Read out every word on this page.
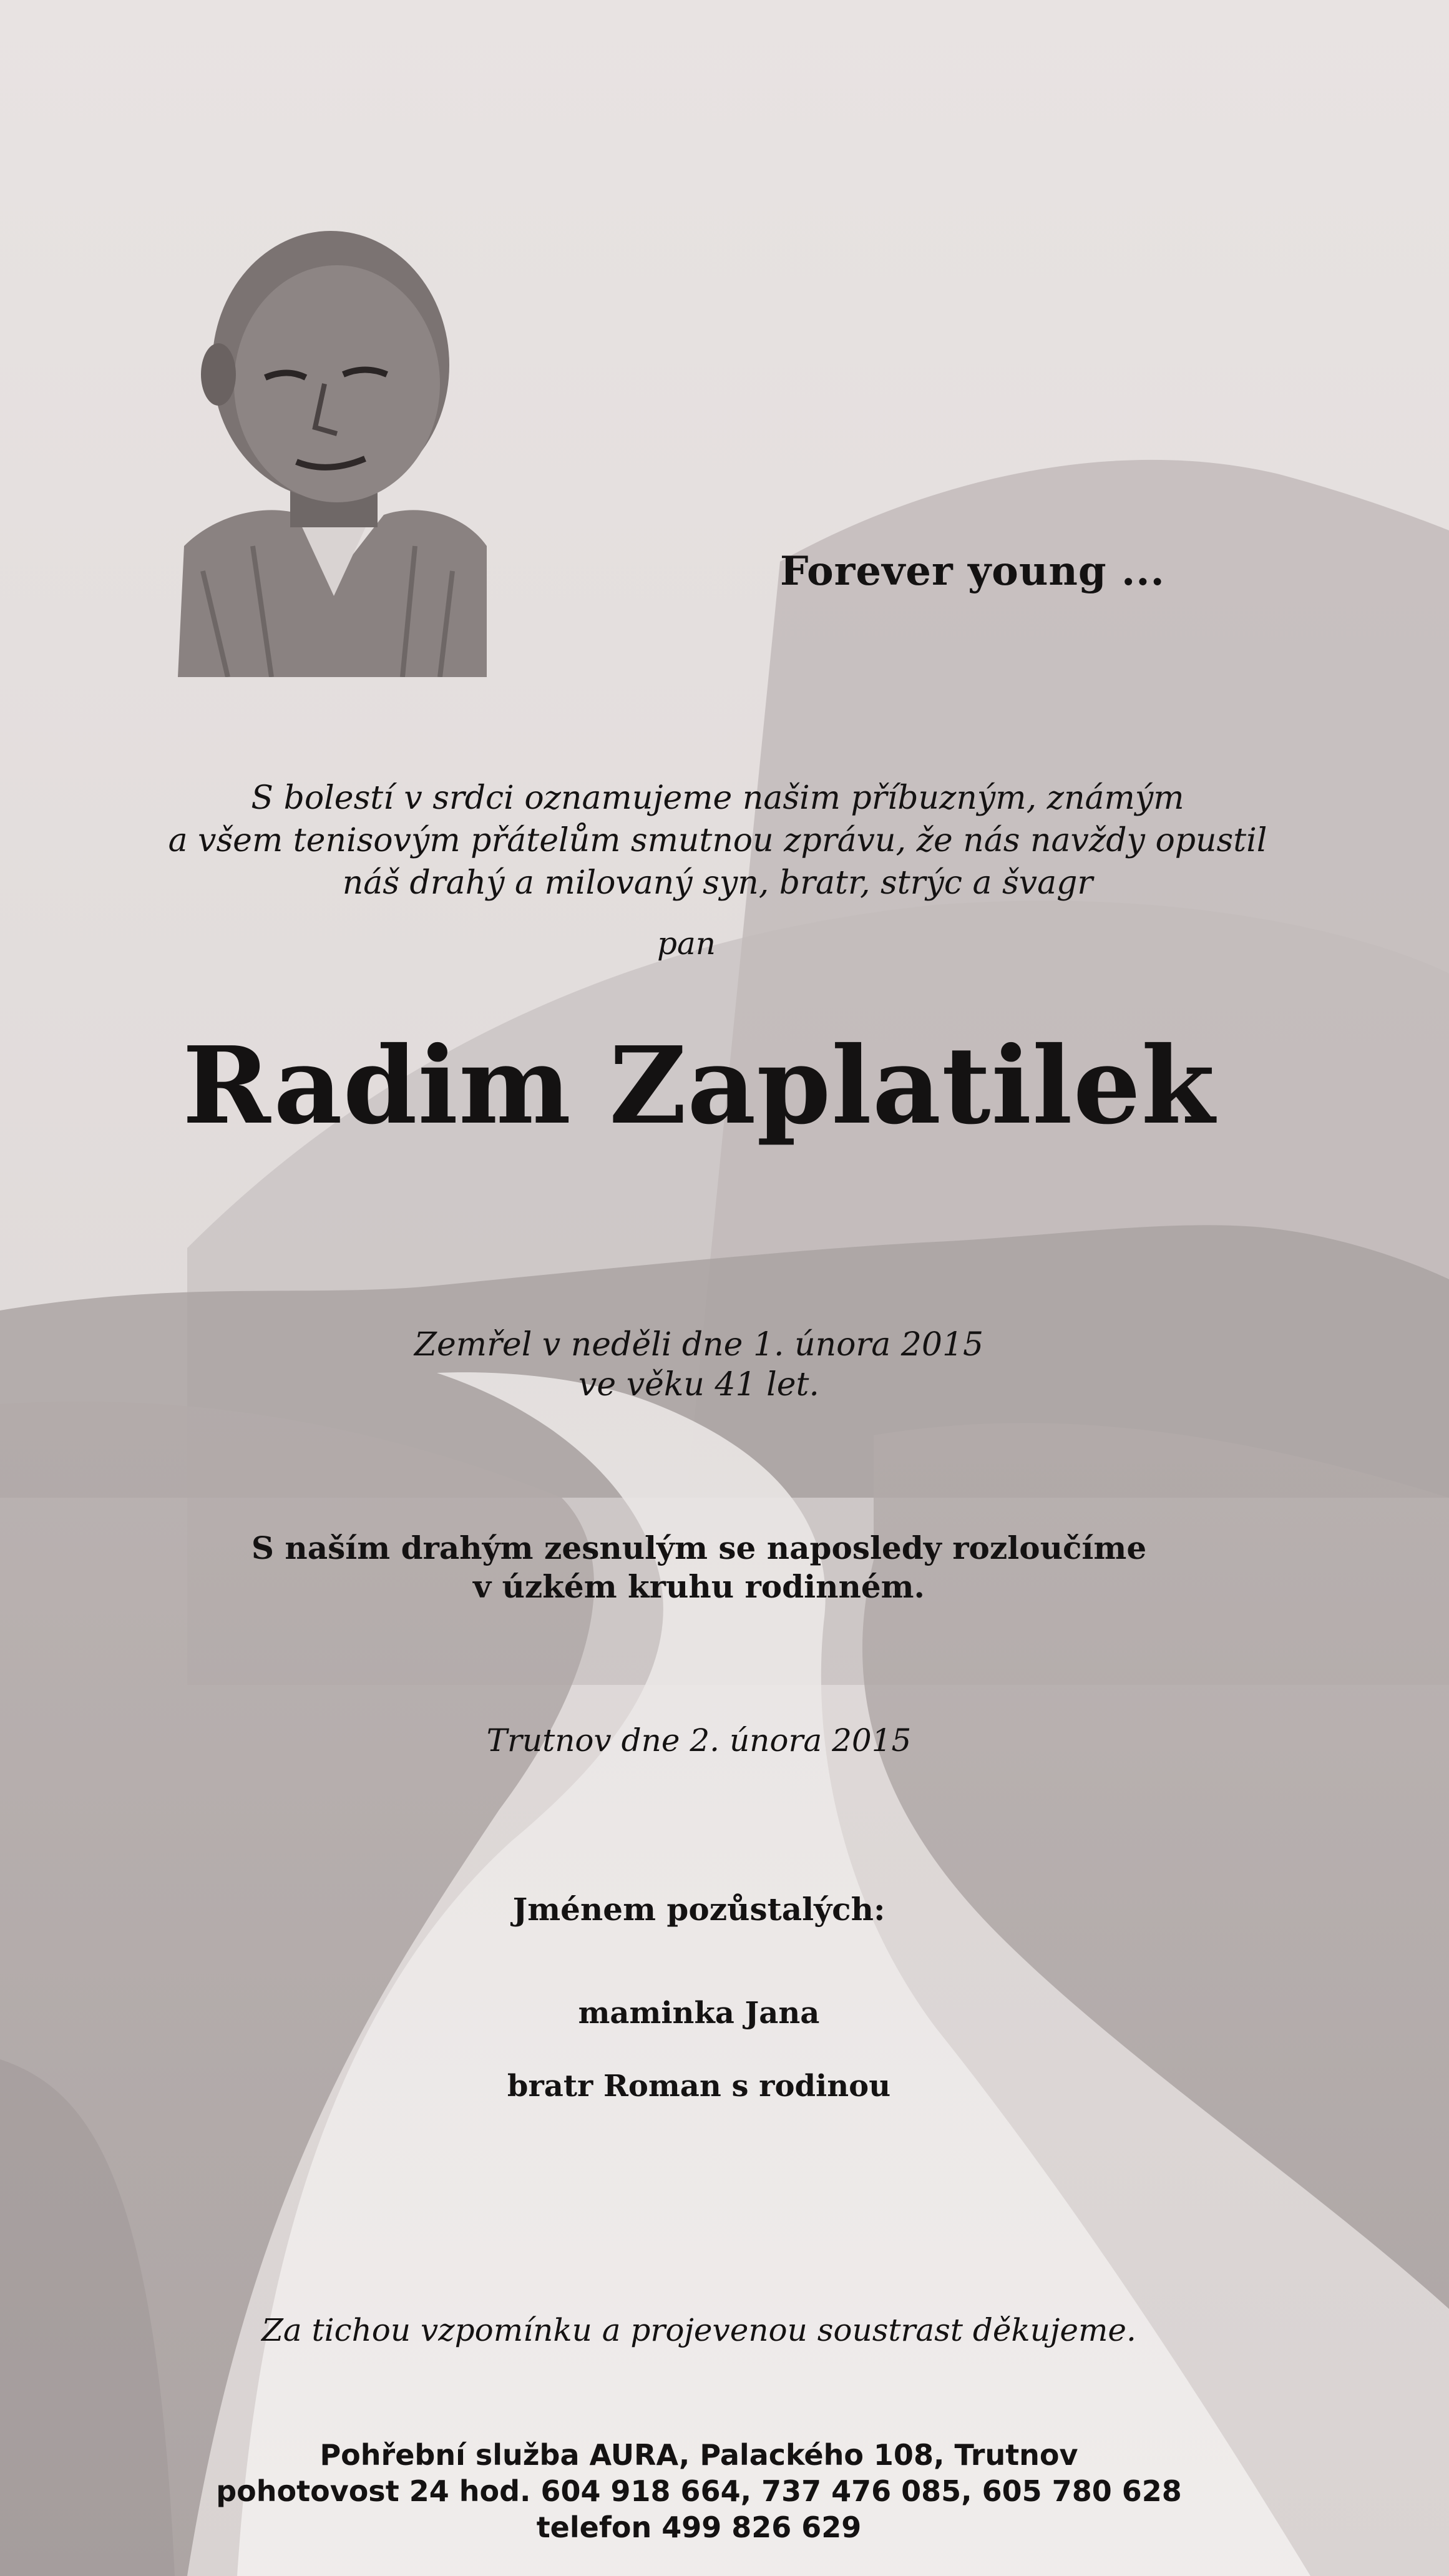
Forever young ...

S bolestí v srdci oznamujeme našim příbuzným, známým
a všem tenisovým přátelům smutnou zprávu, že nás navždy opustil
náš drahý a milovaný syn, bratr, strýc a švagr

pan

Radim Zaplatilek

Zemřel v neděli dne 1. února 2015
ve věku 41 let.

S naším drahým zesnulým se naposledy rozloučíme
v úzkém kruhu rodinném.

Trutnov dne 2. února 2015

Jménem pozůstalých:

maminka Jana

bratr Roman s rodinou

Za tichou vzpomínku a projevenou soustrast děkujeme.

Pohřební služba AURA, Palackého 108, Trutnov
pohotovost 24 hod. 604 918 664, 737 476 085, 605 780 628
telefon 499 826 629
